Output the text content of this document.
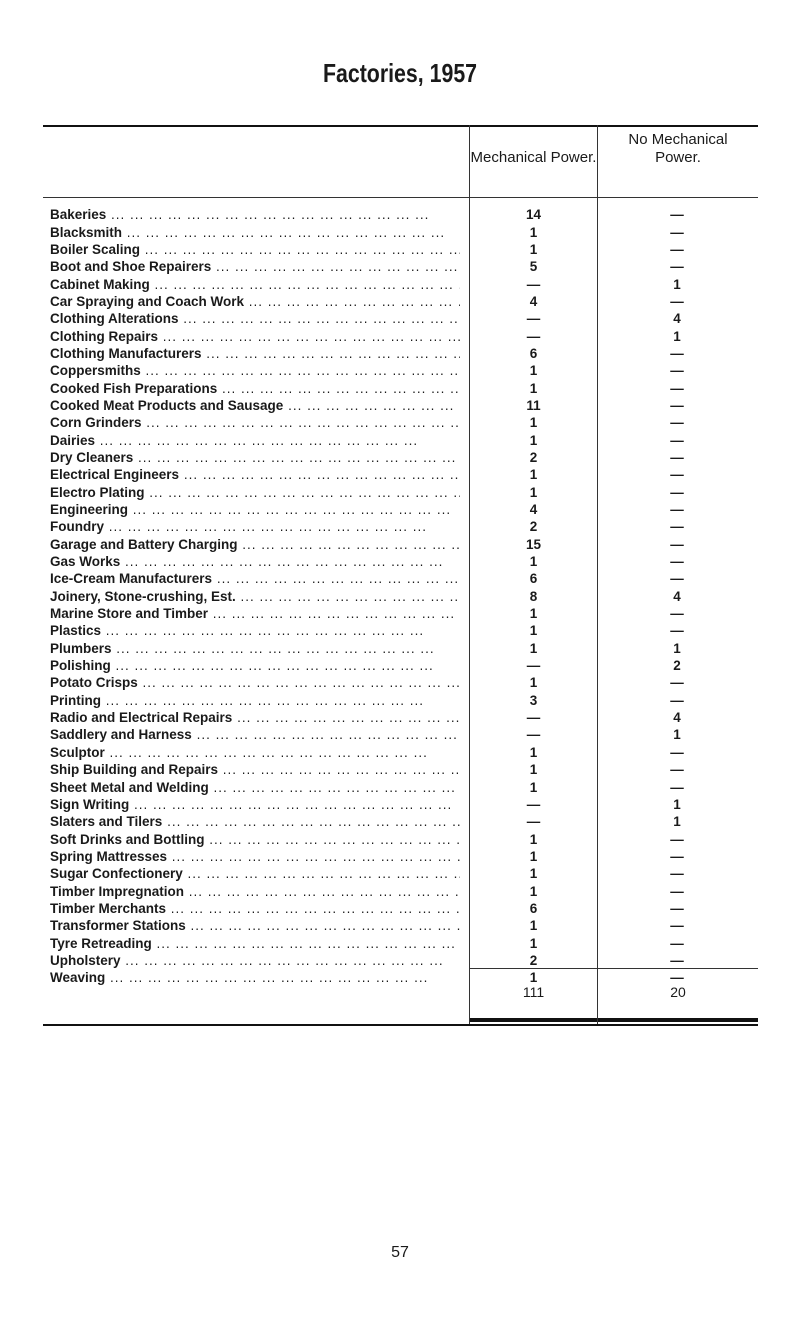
Factories, 1957
Mechanical Power.
No Mechanical Power.
Bakeries ... .	14	—
Blacksmith ... .	1	—
Boiler Scaling ... .	1	—
Boot and Shoe Repairers ... .	5	—
Cabinet Making ... .	—	1
Car Spraying and Coach Work ... .	4	—
Clothing Alterations ... .	—	4
Clothing Repairs ... .	—	1
Clothing Manufacturers ... .	6	—
Coppersmiths ... .	1	—
Cooked Fish Preparations ... .	1	—
Cooked Meat Products and Sausage ... .	11	—
Corn Grinders ... .	1	—
Dairies ... .	1	—
Dry Cleaners ... .	2	—
Electrical Engineers ... .	1	—
Electro Plating ... .	1	—
Engineering ... .	4	—
Foundry ... .	2	—
Garage and Battery Charging ... .	15	—
Gas Works ... .	1	—
Ice-Cream Manufacturers ... .	6	—
Joinery, Stone-crushing, Est. ... .	8	4
Marine Store and Timber ... .	1	—
Plastics ... .	1	—
Plumbers ... .	1	1
Polishing ... .	—	2
Potato Crisps ... .	1	—
Printing ... .	3	—
Radio and Electrical Repairs ... .	—	4
Saddlery and Harness ... .	—	1
Sculptor ... .	1	—
Ship Building and Repairs ... .	1	—
Sheet Metal and Welding ... .	1	—
Sign Writing ... .	—	1
Slaters and Tilers ... .	—	1
Soft Drinks and Bottling ... .	1	—
Spring Mattresses ... .	1	—
Sugar Confectionery ... .	1	—
Timber Impregnation ... .	1	—
Timber Merchants ... .	6	—
Transformer Stations ... .	1	—
Tyre Retreading ... .	1	—
Upholstery ... .	2	—
Weaving ... .	1	—
111	20
57
